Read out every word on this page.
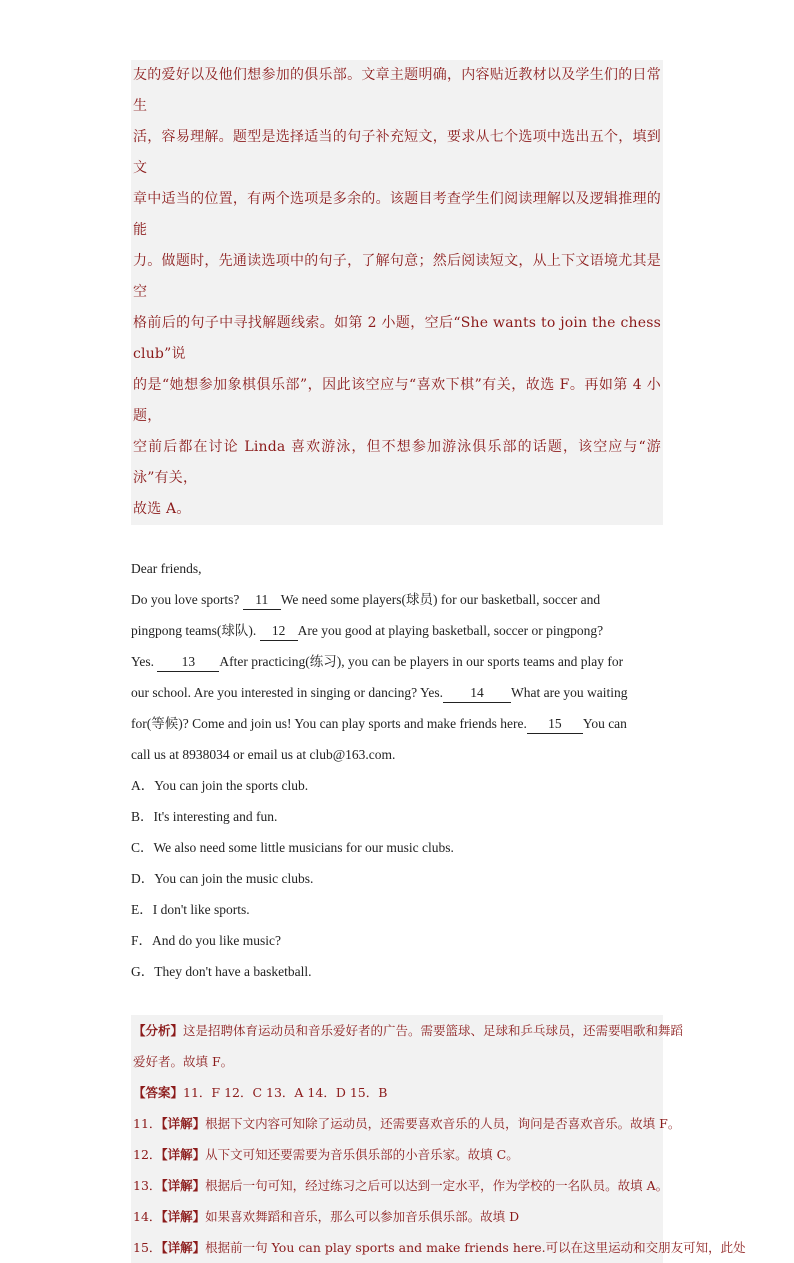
友的爱好以及他们想参加的俱乐部。文章主题明确，内容贴近教材以及学生们的日常生
活，容易理解。题型是选择适当的句子补充短文，要求从七个选项中选出五个，填到文
章中适当的位置，有两个选项是多余的。该题目考查学生们阅读理解以及逻辑推理的能
力。做题时，先通读选项中的句子，了解句意；然后阅读短文，从上下文语境尤其是空
格前后的句子中寻找解题线索。如第 2 小题，空后“She wants to join the chess club”说
的是“她想参加象棋俱乐部”，因此该空应与“喜欢下棋”有关，故选 F。再如第 4 小题，
空前后都在讨论 Linda 喜欢游泳，但不想参加游泳俱乐部的话题，该空应与“游泳”有关，
故选 A。
Dear friends,
Do you love sports? 11 We need some players(球员) for our basketball, soccer and
pingpong teams(球队). 12 Are you good at playing basketball, soccer or pingpong?
Yes. 13 After practicing(练习), you can be players in our sports teams and play for
our school. Are you interested in singing or dancing? Yes. 14 What are you waiting
for(等候)? Come and join us! You can play sports and make friends here. 15 You can
call us at 8938034 or email us at club@163.com.
A．You can join the sports club.
B．It's interesting and fun.
C．We also need some little musicians for our music clubs.
D．You can join the music clubs.
E．I don't like sports.
F．And do you like music?
G．They don't have a basketball.
【分析】这是招聘体育运动员和音乐爱好者的广告。需要篮球、足球和乒乓球员，还需要唱歌和舞蹈
爱好者。故填 F。
【答案】11．F 12．C 13．A 14．D 15．B
11．【详解】根据下文内容可知除了运动员，还需要喜欢音乐的人员，询问是否喜欢音乐。故填 F。
12．【详解】从下文可知还要需要为音乐俱乐部的小音乐家。故填 C。
13．【详解】根据后一句可知，经过练习之后可以达到一定水平，作为学校的一名队员。故填 A。
14．【详解】如果喜欢舞蹈和音乐，那么可以参加音乐俱乐部。故填 D
15．【详解】根据前一句 You can play sports and make friends here.可以在这里运动和交朋友可知，此处
